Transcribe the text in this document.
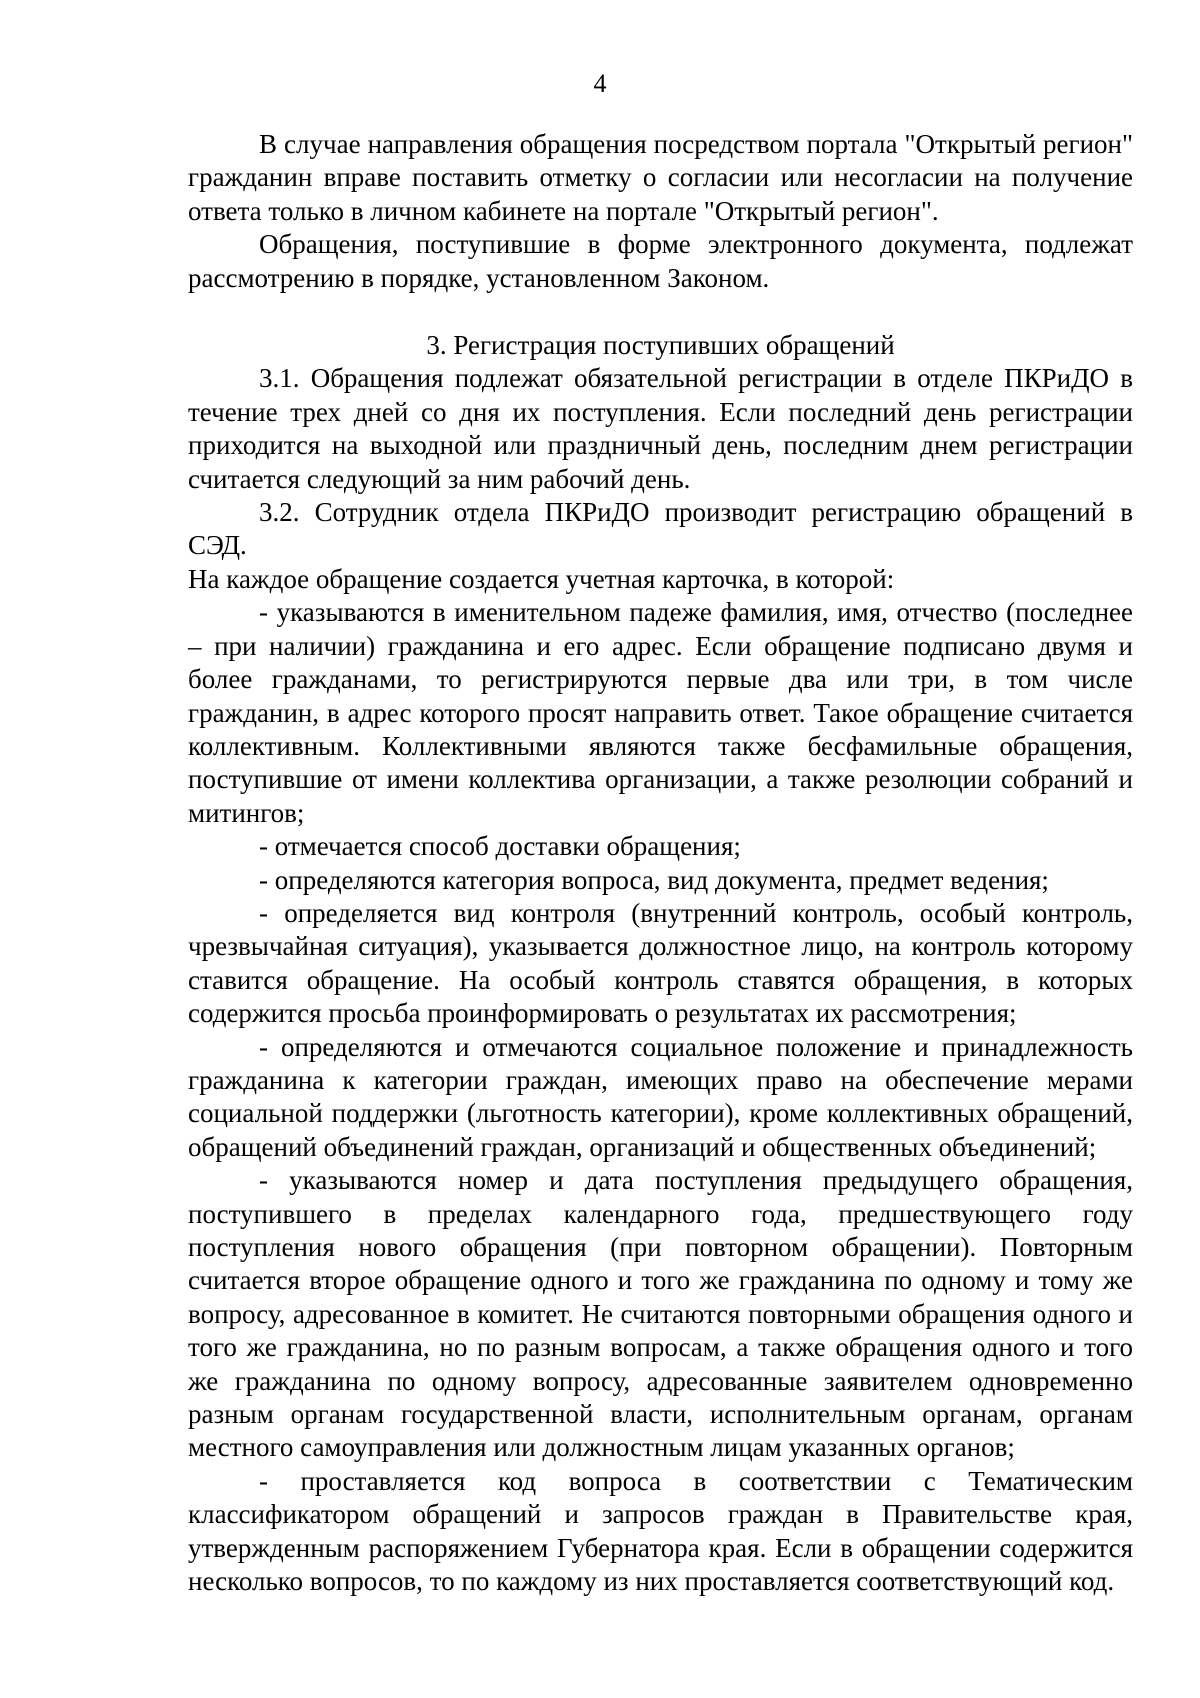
4

В случае направления обращения посредством портала "Открытый регион" гражданин вправе поставить отметку о согласии или несогласии на получение ответа только в личном кабинете на портале "Открытый регион".

Обращения, поступившие в форме электронного документа, подлежат рассмотрению в порядке, установленном Законом.

3. Регистрация поступивших обращений

3.1. Обращения подлежат обязательной регистрации в отделе ПКРиДО в течение трех дней со дня их поступления. Если последний день регистрации приходится на выходной или праздничный день, последним днем регистрации считается следующий за ним рабочий день.

3.2. Сотрудник отдела ПКРиДО производит регистрацию обращений в СЭД.

На каждое обращение создается учетная карточка, в которой:

- указываются в именительном падеже фамилия, имя, отчество (последнее – при наличии) гражданина и его адрес. Если обращение подписано двумя и более гражданами, то регистрируются первые два или три, в том числе гражданин, в адрес которого просят направить ответ. Такое обращение считается коллективным. Коллективными являются также бесфамильные обращения, поступившие от имени коллектива организации, а также резолюции собраний и митингов;

- отмечается способ доставки обращения;

- определяются категория вопроса, вид документа, предмет ведения;

- определяется вид контроля (внутренний контроль, особый контроль, чрезвычайная ситуация), указывается должностное лицо, на контроль которому ставится обращение. На особый контроль ставятся обращения, в которых содержится просьба проинформировать о результатах их рассмотрения;

- определяются и отмечаются социальное положение и принадлежность гражданина к категории граждан, имеющих право на обеспечение мерами социальной поддержки (льготность категории), кроме коллективных обращений, обращений объединений граждан, организаций и общественных объединений;

- указываются номер и дата поступления предыдущего обращения, поступившего в пределах календарного года, предшествующего году поступления нового обращения (при повторном обращении). Повторным считается второе обращение одного и того же гражданина по одному и тому же вопросу, адресованное в комитет. Не считаются повторными обращения одного и того же гражданина, но по разным вопросам, а также обращения одного и того же гражданина по одному вопросу, адресованные заявителем одновременно разным органам государственной власти, исполнительным органам, органам местного самоуправления или должностным лицам указанных органов;

- проставляется код вопроса в соответствии с Тематическим классификатором обращений и запросов граждан в Правительстве края, утвержденным распоряжением Губернатора края. Если в обращении содержится несколько вопросов, то по каждому из них проставляется соответствующий код.
